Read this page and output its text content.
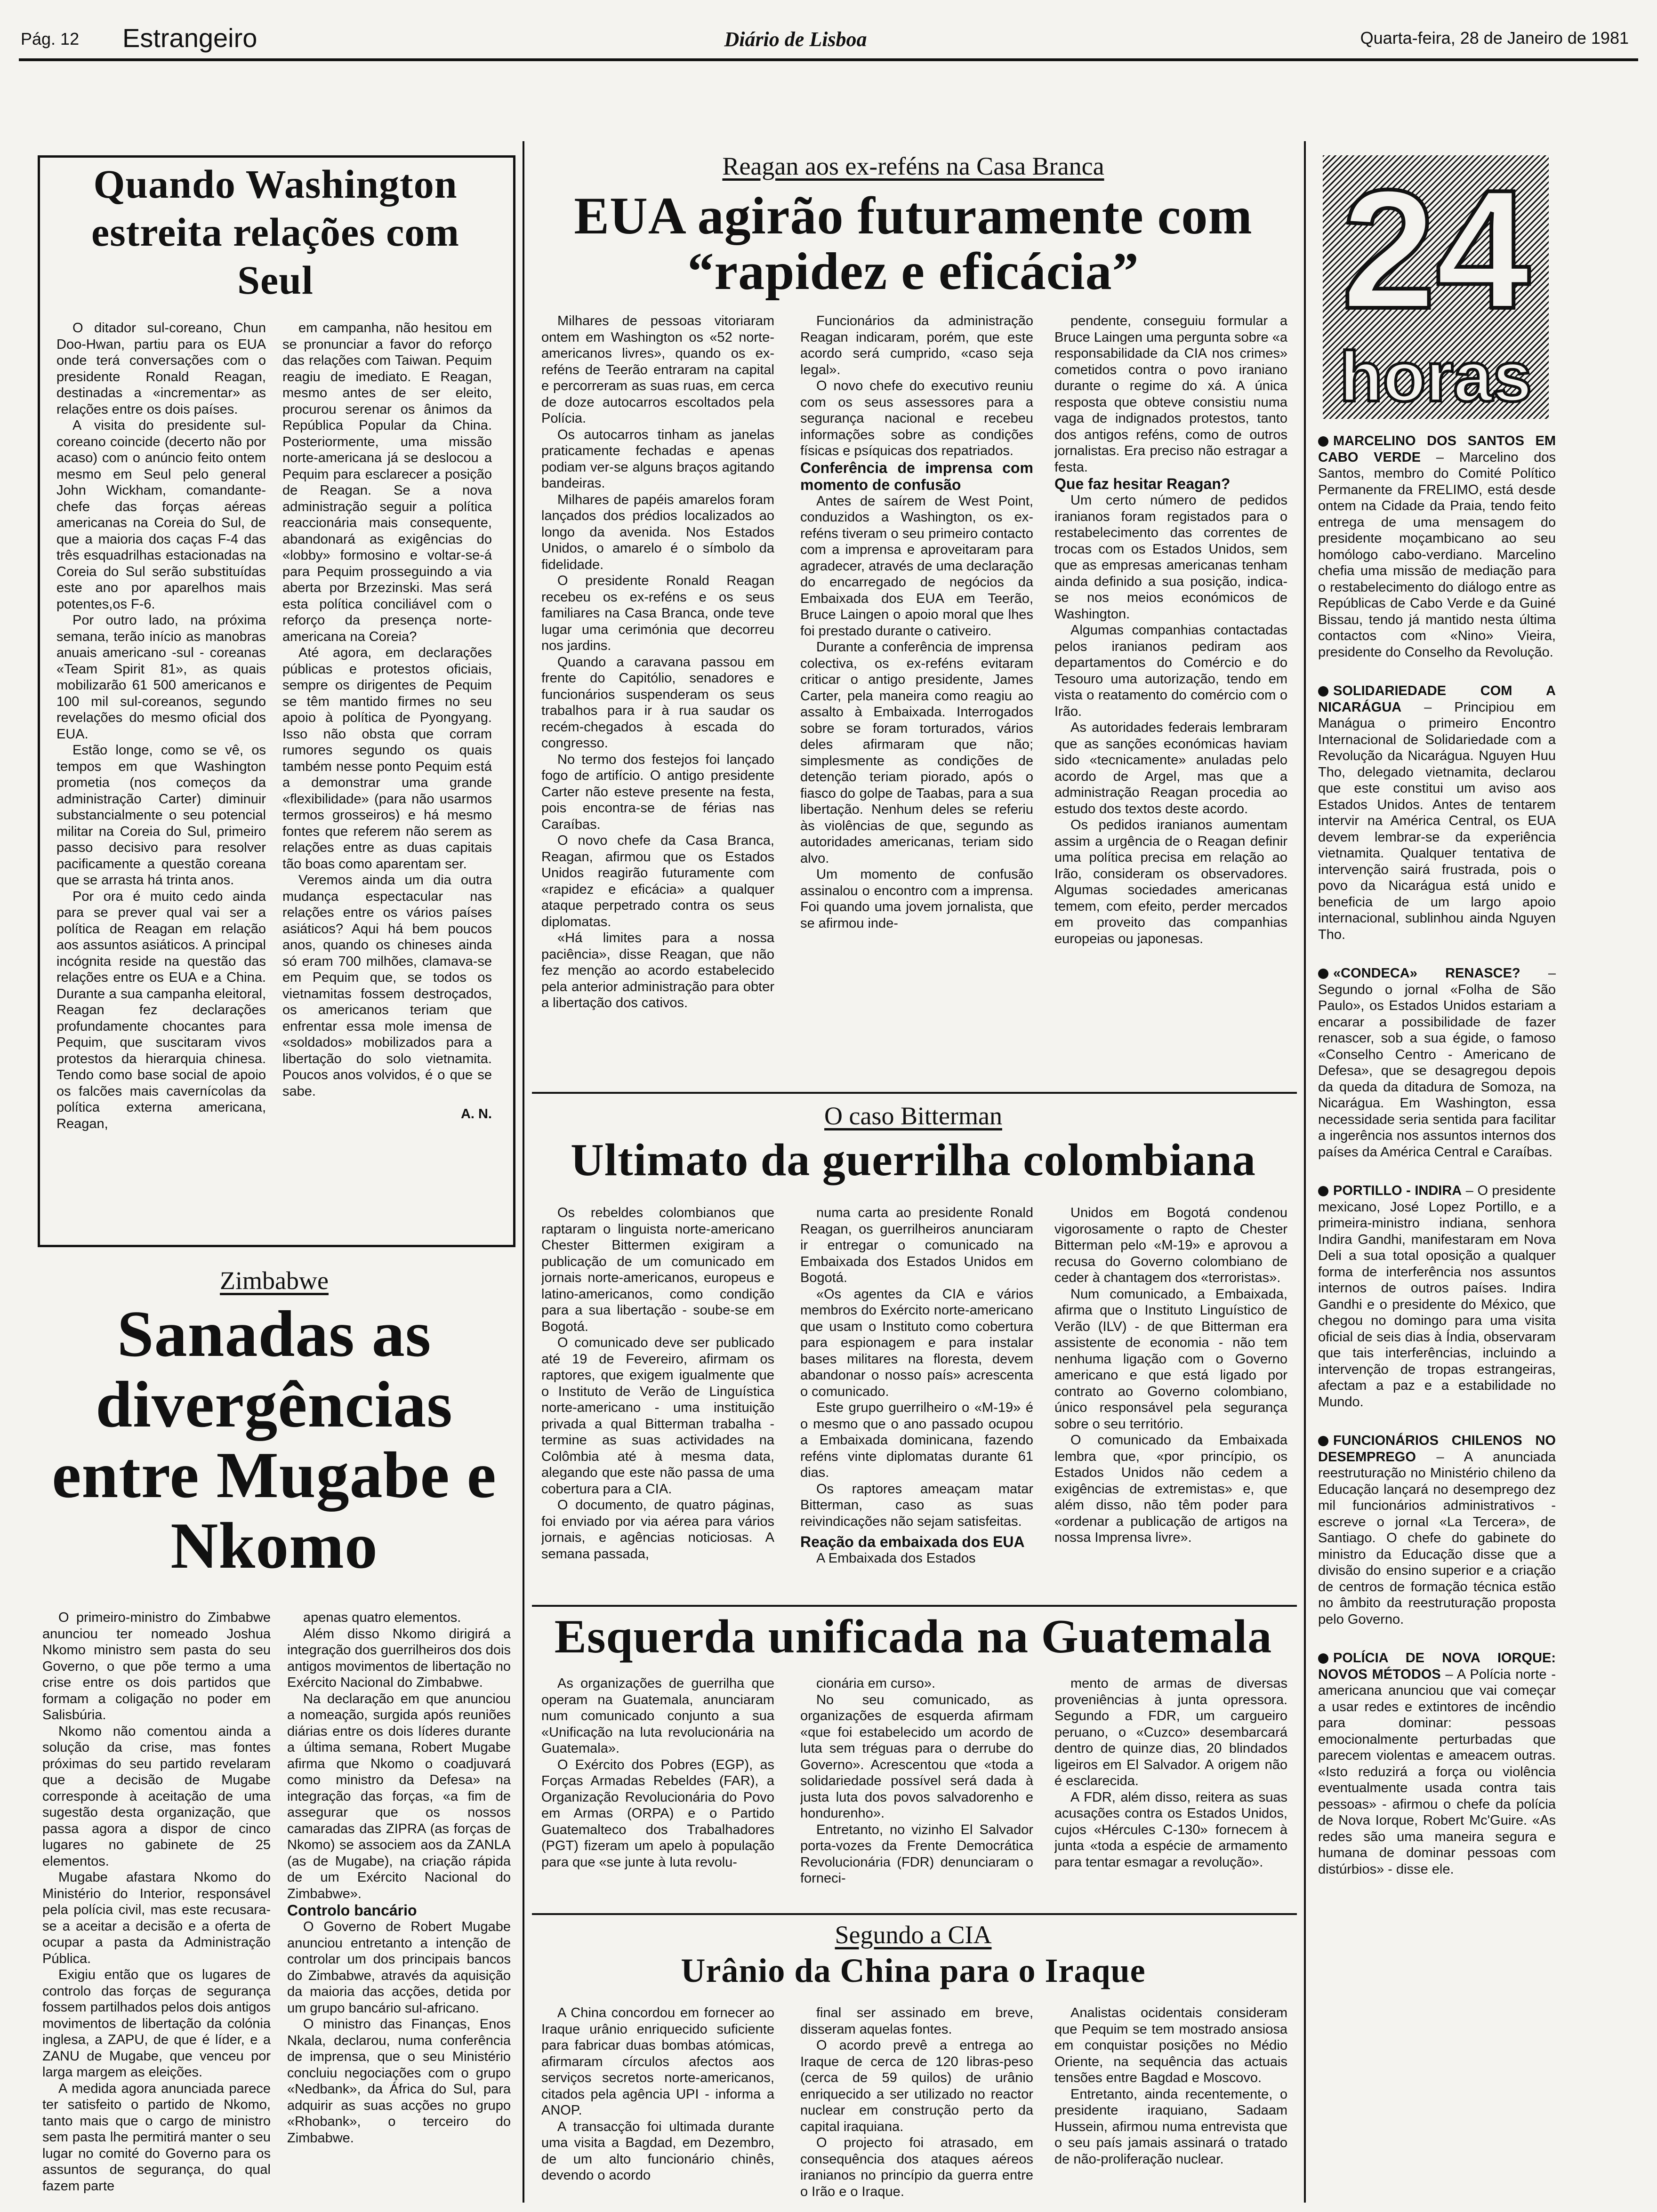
Pág. 12 Estrangeiro	Diário de Lisboa	Quarta-feira, 28 de Janeiro de 1981
Quando Washington estreita relações com Seul

O ditador sul-coreano, Chun Doo-Hwan, partiu para os EUA onde terá conversações com o presidente Ronald Reagan, destinadas a «incrementar» as relações entre os dois países.

A visita do presidente sul-coreano coincide (decerto não por acaso) com o anúncio feito ontem mesmo em Seul pelo general John Wickham, comandante-chefe das forças aéreas americanas na Coreia do Sul, de que a maioria dos caças F-4 das três esquadrilhas estacionadas na Coreia do Sul serão substituídas este ano por aparelhos mais potentes,os F-6.

Por outro lado, na próxima semana, terão início as manobras anuais americano -sul - coreanas «Team Spirit 81», as quais mobilizarão 61 500 americanos e 100 mil sul-coreanos, segundo revelações do mesmo oficial dos EUA.

Estão longe, como se vê, os tempos em que Washington prometia (nos começos da administração Carter) diminuir substancialmente o seu potencial militar na Coreia do Sul, primeiro passo decisivo para resolver pacificamente a questão coreana que se arrasta há trinta anos.

Por ora é muito cedo ainda para se prever qual vai ser a política de Reagan em relação aos assuntos asiáticos. A principal incógnita reside na questão das relações entre os EUA e a China. Durante a sua campanha eleitoral, Reagan fez declarações profundamente chocantes para Pequim, que suscitaram vivos protestos da hierarquia chinesa. Tendo como base social de apoio os falcões mais cavernícolas da política externa americana, Reagan,

em campanha, não hesitou em se pronunciar a favor do reforço das relações com Taiwan. Pequim reagiu de imediato. E Reagan, mesmo antes de ser eleito, procurou serenar os ânimos da República Popular da China. Posteriormente, uma missão norte-americana já se deslocou a Pequim para esclarecer a posição de Reagan. Se a nova administração seguir a política reaccionária mais consequente, abandonará as exigências do «lobby» formosino e voltar-se-á para Pequim prosseguindo a via aberta por Brzezinski. Mas será esta política conciliável com o reforço da presença norte-americana na Coreia?

Até agora, em declarações públicas e protestos oficiais, sempre os dirigentes de Pequim se têm mantido firmes no seu apoio à política de Pyongyang. Isso não obsta que corram rumores segundo os quais também nesse ponto Pequim está a demonstrar uma grande «flexibilidade» (para não usarmos termos grosseiros) e há mesmo fontes que referem não serem as relações entre as duas capitais tão boas como aparentam ser.

Veremos ainda um dia outra mudança espectacular nas relações entre os vários países asiáticos? Aqui há bem poucos anos, quando os chineses ainda só eram 700 milhões, clamava-se em Pequim que, se todos os vietnamitas fossem destroçados, os americanos teriam que enfrentar essa mole imensa de «soldados» mobilizados para a libertação do solo vietnamita. Poucos anos volvidos, é o que se sabe.

A. N.
Zimbabwe
Sanadas as divergências entre Mugabe e Nkomo

O primeiro-ministro do Zimbabwe anunciou ter nomeado Joshua Nkomo ministro sem pasta do seu Governo, o que põe termo a uma crise entre os dois partidos que formam a coligação no poder em Salisbúria.

Nkomo não comentou ainda a solução da crise, mas fontes próximas do seu partido revelaram que a decisão de Mugabe corresponde à aceitação de uma sugestão desta organização, que passa agora a dispor de cinco lugares no gabinete de 25 elementos.

Mugabe afastara Nkomo do Ministério do Interior, responsável pela polícia civil, mas este recusara-se a aceitar a decisão e a oferta de ocupar a pasta da Administração Pública.

Exigiu então que os lugares de controlo das forças de segurança fossem partilhados pelos dois antigos movimentos de libertação da colónia inglesa, a ZAPU, de que é líder, e a ZANU de Mugabe, que venceu por larga margem as eleições.

A medida agora anunciada parece ter satisfeito o partido de Nkomo, tanto mais que o cargo de ministro sem pasta lhe permitirá manter o seu lugar no comité do Governo para os assuntos de segurança, do qual fazem parte

apenas quatro elementos.

Além disso Nkomo dirigirá a integração dos guerrilheiros dos dois antigos movimentos de libertação no Exército Nacional do Zimbabwe.

Na declaração em que anunciou a nomeação, surgida após reuniões diárias entre os dois líderes durante a última semana, Robert Mugabe afirma que Nkomo o coadjuvará como ministro da Defesa» na integração das forças, «a fim de assegurar que os nossos camaradas das ZIPRA (as forças de Nkomo) se associem aos da ZANLA (as de Mugabe), na criação rápida de um Exército Nacional do Zimbabwe».

Controlo bancário

O Governo de Robert Mugabe anunciou entretanto a intenção de controlar um dos principais bancos do Zimbabwe, através da aquisição da maioria das acções, detida por um grupo bancário sul-africano.

O ministro das Finanças, Enos Nkala, declarou, numa conferência de imprensa, que o seu Ministério concluiu negociações com o grupo «Nedbank», da África do Sul, para adquirir as suas acções no grupo «Rhobank», o terceiro do Zimbabwe.

Reagan aos ex-reféns na Casa Branca
EUA agirão futuramente com “rapidez e eficácia”

Milhares de pessoas vitoriaram ontem em Washington os «52 norte-americanos livres», quando os ex-reféns de Teerão entraram na capital e percorreram as suas ruas, em cerca de doze autocarros escoltados pela Polícia.

Os autocarros tinham as janelas praticamente fechadas e apenas podiam ver-se alguns braços agitando bandeiras.

Milhares de papéis amarelos foram lançados dos prédios localizados ao longo da avenida. Nos Estados Unidos, o amarelo é o símbolo da fidelidade.

O presidente Ronald Reagan recebeu os ex-reféns e os seus familiares na Casa Branca, onde teve lugar uma cerimónia que decorreu nos jardins.

Quando a caravana passou em frente do Capitólio, senadores e funcionários suspenderam os seus trabalhos para ir à rua saudar os recém-chegados à escada do congresso.

No termo dos festejos foi lançado fogo de artifício. O antigo presidente Carter não esteve presente na festa, pois encontra-se de férias nas Caraíbas.

O novo chefe da Casa Branca, Reagan, afirmou que os Estados Unidos reagirão futuramente com «rapidez e eficácia» a qualquer ataque perpetrado contra os seus diplomatas.

«Há limites para a nossa paciência», disse Reagan, que não fez menção ao acordo estabelecido pela anterior administração para obter a libertação dos cativos.

Funcionários da administração Reagan indicaram, porém, que este acordo será cumprido, «caso seja legal».

O novo chefe do executivo reuniu com os seus assessores para a segurança nacional e recebeu informações sobre as condições físicas e psíquicas dos repatriados.

Conferência de imprensa com momento de confusão

Antes de saírem de West Point, conduzidos a Washington, os ex-reféns tiveram o seu primeiro contacto com a imprensa e aproveitaram para agradecer, através de uma declaração do encarregado de negócios da Embaixada dos EUA em Teerão, Bruce Laingen o apoio moral que lhes foi prestado durante o cativeiro.

Durante a conferência de imprensa colectiva, os ex-reféns evitaram criticar o antigo presidente, James Carter, pela maneira como reagiu ao assalto à Embaixada. Interrogados sobre se foram torturados, vários deles afirmaram que não; simplesmente as condições de detenção teriam piorado, após o fiasco do golpe de Taabas, para a sua libertação. Nenhum deles se referiu às violências de que, segundo as autoridades americanas, teriam sido alvo.

Um momento de confusão assinalou o encontro com a imprensa. Foi quando uma jovem jornalista, que se afirmou inde-

pendente, conseguiu formular a Bruce Laingen uma pergunta sobre «a responsabilidade da CIA nos crimes» cometidos contra o povo iraniano durante o regime do xá. A única resposta que obteve consistiu numa vaga de indignados protestos, tanto dos antigos reféns, como de outros jornalistas. Era preciso não estragar a festa.

Que faz hesitar Reagan?

Um certo número de pedidos iranianos foram registados para o restabelecimento das correntes de trocas com os Estados Unidos, sem que as empresas americanas tenham ainda definido a sua posição, indica-se nos meios económicos de Washington.

Algumas companhias contactadas pelos iranianos pediram aos departamentos do Comércio e do Tesouro uma autorização, tendo em vista o reatamento do comércio com o Irão.

As autoridades federais lembraram que as sanções económicas haviam sido «tecnicamente» anuladas pelo acordo de Argel, mas que a administração Reagan procedia ao estudo dos textos deste acordo.

Os pedidos iranianos aumentam assim a urgência de o Reagan definir uma política precisa em relação ao Irão, consideram os observadores. Algumas sociedades americanas temem, com efeito, perder mercados em proveito das companhias europeias ou japonesas.

O caso Bitterman
Ultimato da guerrilha colombiana

Os rebeldes colombianos que raptaram o linguista norte-americano Chester Bittermen exigiram a publicação de um comunicado em jornais norte-americanos, europeus e latino-americanos, como condição para a sua libertação - soube-se em Bogotá.

O comunicado deve ser publicado até 19 de Fevereiro, afirmam os raptores, que exigem igualmente que o Instituto de Verão de Linguística norte-americano - uma instituição privada a qual Bitterman trabalha - termine as suas actividades na Colômbia até à mesma data, alegando que este não passa de uma cobertura para a CIA.

O documento, de quatro páginas, foi enviado por via aérea para vários jornais, e agências noticiosas. A semana passada,

numa carta ao presidente Ronald Reagan, os guerrilheiros anunciaram ir entregar o comunicado na Embaixada dos Estados Unidos em Bogotá.

«Os agentes da CIA e vários membros do Exército norte-americano que usam o Instituto como cobertura para espionagem e para instalar bases militares na floresta, devem abandonar o nosso país» acrescenta o comunicado.

Este grupo guerrilheiro o «M-19» é o mesmo que o ano passado ocupou a Embaixada dominicana, fazendo reféns vinte diplomatas durante 61 dias.

Os raptores ameaçam matar Bitterman, caso as suas reivindicações não sejam satisfeitas.

Reação da embaixada dos EUA

A Embaixada dos Estados

Unidos em Bogotá condenou vigorosamente o rapto de Chester Bitterman pelo «M-19» e aprovou a recusa do Governo colombiano de ceder à chantagem dos «terroristas».

Num comunicado, a Embaixada, afirma que o Instituto Linguístico de Verão (ILV) - de que Bitterman era assistente de economia - não tem nenhuma ligação com o Governo americano e que está ligado por contrato ao Governo colombiano, único responsável pela segurança sobre o seu território.

O comunicado da Embaixada lembra que, «por princípio, os Estados Unidos não cedem a exigências de extremistas» e, que além disso, não têm poder para «ordenar a publicação de artigos na nossa Imprensa livre».

Esquerda unificada na Guatemala

As organizações de guerrilha que operam na Guatemala, anunciaram num comunicado conjunto a sua «Unificação na luta revolucionária na Guatemala».

O Exército dos Pobres (EGP), as Forças Armadas Rebeldes (FAR), a Organização Revolucionária do Povo em Armas (ORPA) e o Partido Guatemalteco dos Trabalhadores (PGT) fizeram um apelo à população para que «se junte à luta revolu-

cionária em curso».

No seu comunicado, as organizações de esquerda afirmam «que foi estabelecido um acordo de luta sem tréguas para o derrube do Governo». Acrescentou que «toda a solidariedade possível será dada à justa luta dos povos salvadorenho e hondurenho».

Entretanto, no vizinho El Salvador porta-vozes da Frente Democrática Revolucionária (FDR) denunciaram o forneci-

mento de armas de diversas proveniências à junta opressora. Segundo a FDR, um cargueiro peruano, o «Cuzco» desembarcará dentro de quinze dias, 20 blindados ligeiros em El Salvador. A origem não é esclarecida.

A FDR, além disso, reitera as suas acusações contra os Estados Unidos, cujos «Hércules C-130» fornecem à junta «toda a espécie de armamento para tentar esmagar a revolução».

Segundo a CIA
Urânio da China para o Iraque

A China concordou em fornecer ao Iraque urânio enriquecido suficiente para fabricar duas bombas atómicas, afirmaram círculos afectos aos serviços secretos norte-americanos, citados pela agência UPI - informa a ANOP.

A transacção foi ultimada durante uma visita a Bagdad, em Dezembro, de um alto funcionário chinês, devendo o acordo

final ser assinado em breve, disseram aquelas fontes.

O acordo prevê a entrega ao Iraque de cerca de 120 libras-peso (cerca de 59 quilos) de urânio enriquecido a ser utilizado no reactor nuclear em construção perto da capital iraquiana.

O projecto foi atrasado, em consequência dos ataques aéreos iranianos no princípio da guerra entre o Irão e o Iraque.

Analistas ocidentais consideram que Pequim se tem mostrado ansiosa em conquistar posições no Médio Oriente, na sequência das actuais tensões entre Bagdad e Moscovo.

Entretanto, ainda recentemente, o presidente iraquiano, Sadaam Hussein, afirmou numa entrevista que o seu país jamais assinará o tratado de não-proliferação nuclear.

24
horas

MARCELINO DOS SANTOS EM CABO VERDE – Marcelino dos Santos, membro do Comité Político Permanente da FRELIMO, está desde ontem na Cidade da Praia, tendo feito entrega de uma mensagem do presidente moçambicano ao seu homólogo cabo-verdiano. Marcelino chefia uma missão de mediação para o restabelecimento do diálogo entre as Repúblicas de Cabo Verde e da Guiné Bissau, tendo já mantido nesta última contactos com «Nino» Vieira, presidente do Conselho da Revolução.

SOLIDARIEDADE COM A NICARÁGUA – Principiou em Manágua o primeiro Encontro Internacional de Solidariedade com a Revolução da Nicarágua. Nguyen Huu Tho, delegado vietnamita, declarou que este constitui um aviso aos Estados Unidos. Antes de tentarem intervir na América Central, os EUA devem lembrar-se da experiência vietnamita. Qualquer tentativa de intervenção sairá frustrada, pois o povo da Nicarágua está unido e beneficia de um largo apoio internacional, sublinhou ainda Nguyen Tho.

«CONDECA» RENASCE? – Segundo o jornal «Folha de São Paulo», os Estados Unidos estariam a encarar a possibilidade de fazer renascer, sob a sua égide, o famoso «Conselho Centro - Americano de Defesa», que se desagregou depois da queda da ditadura de Somoza, na Nicarágua. Em Washington, essa necessidade seria sentida para facilitar a ingerência nos assuntos internos dos países da América Central e Caraíbas.

PORTILLO - INDIRA – O presidente mexicano, José Lopez Portillo, e a primeira-ministro indiana, senhora Indira Gandhi, manifestaram em Nova Deli a sua total oposição a qualquer forma de interferência nos assuntos internos de outros países. Indira Gandhi e o presidente do México, que chegou no domingo para uma visita oficial de seis dias à Índia, observaram que tais interferências, incluindo a intervenção de tropas estrangeiras, afectam a paz e a estabilidade no Mundo.

FUNCIONÁRIOS CHILENOS NO DESEMPREGO – A anunciada reestruturação no Ministério chileno da Educação lançará no desemprego dez mil funcionários administrativos - escreve o jornal «La Tercera», de Santiago. O chefe do gabinete do ministro da Educação disse que a divisão do ensino superior e a criação de centros de formação técnica estão no âmbito da reestruturação proposta pelo Governo.

POLÍCIA DE NOVA IORQUE: NOVOS MÉTODOS – A Polícia norte - americana anunciou que vai começar a usar redes e extintores de incêndio para dominar: pessoas emocionalmente perturbadas que parecem violentas e ameacem outras. «Isto reduzirá a força ou violência eventualmente usada contra tais pessoas» - afirmou o chefe da polícia de Nova Iorque, Robert Mc'Guire. «As redes são uma maneira segura e humana de dominar pessoas com distúrbios» - disse ele.
